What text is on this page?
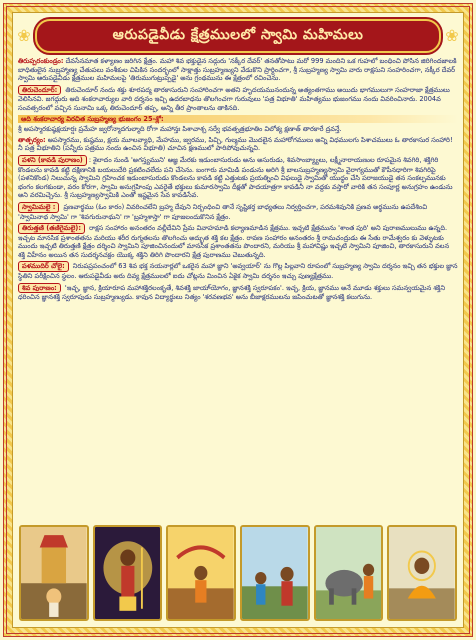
❀	ఆరుపడైవీడు క్షేత్రములలో స్వామి మహిమలు	❀
తిరుప్పరంకుండ్రం: దేవసేనమాత కళ్యాణం జరిగిన క్షేత్రం. మహా శివ భక్తుడైన సద్గురు 'నక్కీర దేవర్' తనతోపాటు మరో 999 మందిని ఒక గుహలో బంధించి పోసిన జిరిగిందజాలకి బాధితులైన నుబ్రహ్మాణ్య చేతుపలు వంశీకుల చిపికిన సందర్భంలో సాక్షాత్తు సుబ్రహ్మణ్యుని వేడుకొని ప్రార్థించగా, శ్రీ సుబ్రహ్మణ్య స్వామి వారు రాక్షసుని సంహరించగా, నక్కీర దేవర్ స్వామి ఆరుపడైవీడు క్షేత్రముల మహిమలపై 'తిరుముగుట్రుప్పడై' అను గ్రంథమును ఈ క్షేత్రంలో రచించెను.
తిరుచెందూర్: తిరుచెందూర్ నందు శక్తు శూరపద్మ తారకాసురుని సంహారించగా అతని హృదయమునందున్న అత్యంతగాము అయిదు భాగములుగా సంహరాజా క్షేత్రములు వెలిసినవి. జగద్గురు ఆది శంకరాచార్యుల వారి దర్శనం ఇచ్చి ఉదరబాధను తొలగించగా గురువులు 'పత్ర విభూతి' మహిత్యము భుజంగము నందు వివరించినారు. 2004వ సంవత్సరంలో వచ్చిన సునామి ఒక్క తిరుచెందూర్ తప్ప, అన్ని తీర ప్రాంతాలను తాకినది.
ఆది శంకరాచార్య విరచిత సుబ్రహ్మణ్య భుజంగం 25-శ్లో:
శ్రీ అపస్మారకుష్ఠక్షయార్షః ప్రమేహ జ్వరోన్మాదగుల్మాది రోగా మహాన్తః పిశాచాశ్చ సర్వే భవత్పత్రభూతిం విలోక్య క్షణాత్ తారకారే ద్రవన్తే.
తాత్పర్యం: అపస్మారము, కుష్ఠము, క్షయ మూలవ్యాధి, మేహము, జ్వరము, పిచ్చి, గుల్మము మొదలైన మహారోగములు అన్ని విధములగు పిశాచములు ఓ తారకాసుర సంహారి! నీ పత్ర విభూతిని (పన్నీరు పత్రము నందు ఉంచిన విభూతి) చూచిన క్షణములో పారిపోవుచున్నవి.
పళని (కావడి పురాణం) : శైలాదం నుండి 'అగస్త్యముని' ఆజ్ఞ మేరకు ఇడుంబాసురుడు అను అసురుడు, శివసాంబ్య్యాలు, లక్ష్మీనారాయణుల రూపమైన శివగిరి, శక్తిగిరి కొండలను కావడి కట్టి దక్షిణానికి బయలుదేరి ప్రకటించలేదు పని చేసెను. బంగారు మామిడి పండును అరిగి శ్రీ బాలసుబ్రహ్మణ్యస్వామి వైరాగ్యముతో కౌపీనధారిగా శివగిరిపై (పళనికొండ) నిలుచున్న స్వామిని గ్రహించక ఇడుంబాసురుడు కొండలను కావడి కట్టి ఎత్తుటకు ప్రయత్నించి విఫలుడై స్వామితో యుద్ధం చేసి పరాజయుడై తన సంకల్పమునకు భంగం కలగకుండా, వరం కోరగా, స్వామి అనుగ్రహింపు ఎవరైతే భక్తులు కుమారస్వామి దీక్షతో పాదయాత్రగా కావడినీ నా వద్దకు వస్తారో వారికి తన సంపూర్ణ అనుగ్రహం ఉండును అని వరమిచ్చెను. శ్రీ సుబ్రహ్మణ్యస్వామికి ఎంతో ఇష్టమైన సేవ కావడిసేవ.
స్వామిమలై : ప్రణవార్థము (ఓం కారం) వివరించలేని బ్రహ్మ దేవుని నిర్బంధించి తానే సృష్టికర్త బాధ్యతలు నిర్వర్తించగా, పరమశివునికి ప్రణవ అర్థమును ఉపదేశించి 'స్వామినాథ స్వామి' గా 'శివగురునాథుని' గా 'బ్రహ్మశాస్తా' గా పూజలందుకొనిన క్షేత్రం.
తిరుత్తణి (తణిగైమలై): రాక్షస సంహారం అనంతరం వల్లీదేవిని ప్రేమ వివాహమాడి కల్యాణమాడిన క్షేత్రము. ఇచ్చటి క్షేత్రమును 'శాంత పురి' అని పురాణములుము ఉన్నది. ఇచ్చట మానసిక ప్రశాంతతను మరియు శరీర రుగ్మతలను తొలగించు అద్భుత శక్తి కల క్షేత్రం. రావణ సంహారం అనంతరం శ్రీ రామచంద్రుడు ఈ సేతు రామేశ్వరం కు వెళ్ళుటకు ముందు ఇచ్చటి తిరుత్తణి క్షేత్రం దర్శించి స్వామిని పూజించినందులో మానసిక ప్రశాంతతను పొందారని, మరియు శ్రీ మహావిష్ణు ఇచ్చటి స్వామిని పూజించి, తారకాసురుని వలన శక్తి విహీనం అయిన తన సుదర్శనచక్రం యొక్క శక్తిని తిరిగి పొందారని క్షేత్ర పురాణము చెబుతున్నది.
పళముదిర్ చోలై: నిరుపప్రపంచంలో 63 శివ భక్త నయనార్లలో ఒకరైన మహా జ్ఞాని 'అవ్వయార్' ను గొల్ల పిల్లవాని రూపంలో సుబ్రహ్మణ్య స్వామి దర్శనం ఇచ్చి తన భక్తుల జ్ఞాన స్థితిని పరీక్షించిన స్థలం. ఆరుపడైవీడు అరు దివ్య క్షేత్రములలో ఐదు చోట్లను మించిన ఏకైక స్వామి దర్శనం ఇచ్చు పుణ్యక్షేత్రము.
శివ పురాణం: 'ఇచ్ఛ, జ్ఞాన, క్రియారూప మహాశక్తిరలంకృతే, శివశక్తి జాయా్యోగం, జ్ఞానశక్తి స్వరూపకం'. ఇచ్ఛ, క్రియ, జ్ఞానము అనే మూడు శక్తులు సమన్వయమైన శక్తిని ధరించిన జ్ఞానశక్తి స్వరూపుడు సుబ్రహ్మణ్యుడు. కావున విద్యార్థులు నిత్యం 'శరవణభవ' అను బీజాక్షరములను జపించుటతో జ్ఞానశక్తి కలుగును.
